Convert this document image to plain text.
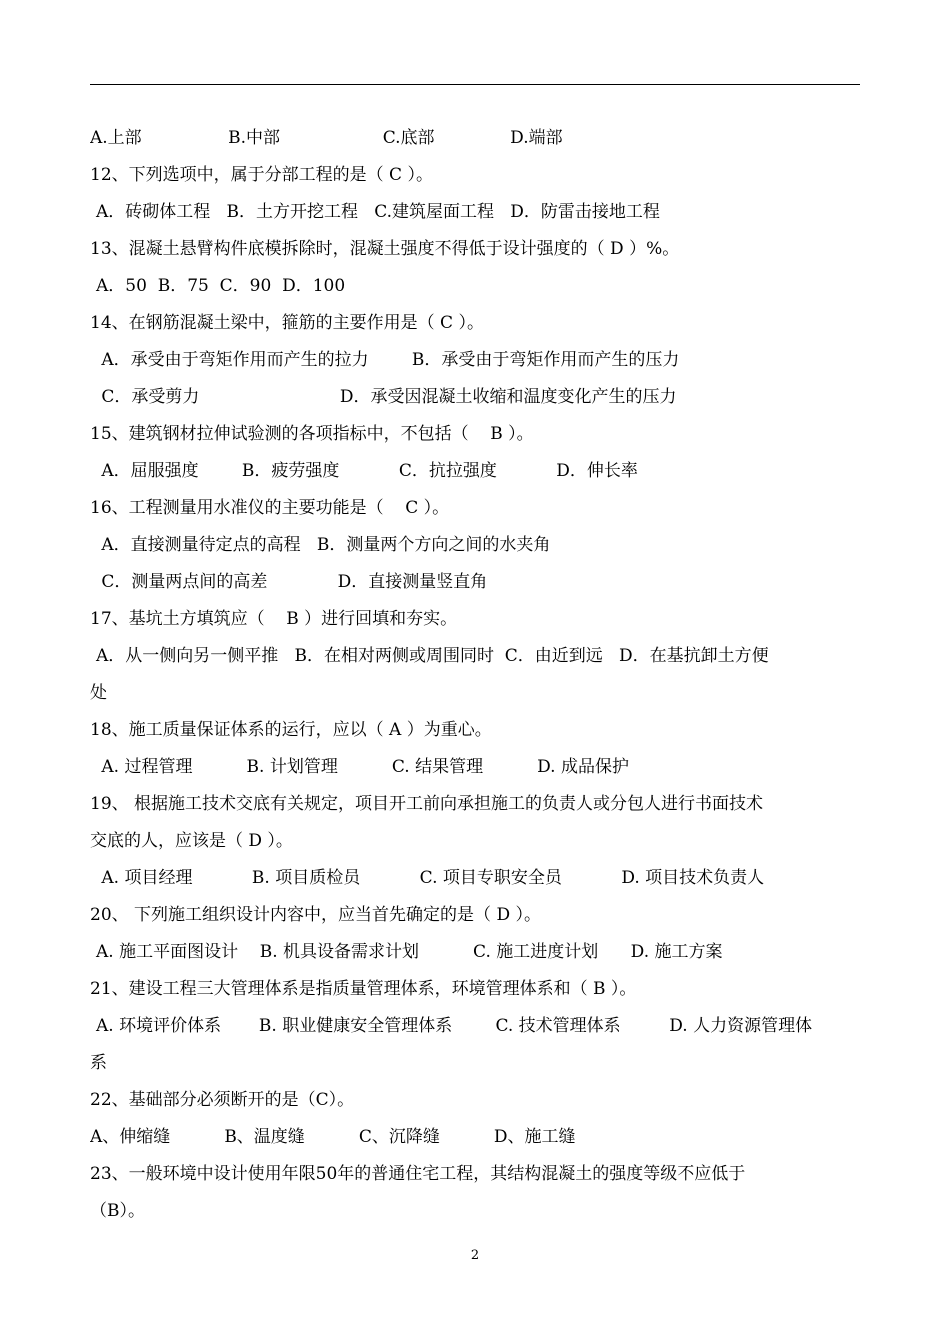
A.上部                B.中部                   C.底部              D.端部
12、下列选项中，属于分部工程的是（ C ）。
A．砖砌体工程   B．土方开挖工程   C.建筑屋面工程   D．防雷击接地工程
13、混凝土悬臂构件底模拆除时，混凝土强度不得低于设计强度的（ D ）%。
A．50  B．75  C．90  D．100
14、在钢筋混凝土梁中，箍筋的主要作用是（ C ）。
A．承受由于弯矩作用而产生的拉力        B．承受由于弯矩作用而产生的压力
C．承受剪力                          D．承受因混凝土收缩和温度变化产生的压力
15、建筑钢材拉伸试验测的各项指标中，不包括（    B ）。
A．屈服强度        B．疲劳强度           C．抗拉强度           D．伸长率
16、工程测量用水准仪的主要功能是（    C ）。
A．直接测量待定点的高程   B．测量两个方向之间的水夹角
C．测量两点间的高差             D．直接测量竖直角
17、基坑土方填筑应（    B ）进行回填和夯实。
A．从一侧向另一侧平推   B．在相对两侧或周围同时  C．由近到远   D．在基抗卸土方便
处
18、施工质量保证体系的运行，应以（ A ）为重心。
A. 过程管理          B. 计划管理          C. 结果管理          D. 成品保护
19、 根据施工技术交底有关规定，项目开工前向承担施工的负责人或分包人进行书面技术
交底的人，应该是（ D ）。
A. 项目经理           B. 项目质检员           C. 项目专职安全员           D. 项目技术负责人
20、 下列施工组织设计内容中，应当首先确定的是（ D ）。
A. 施工平面图设计    B. 机具设备需求计划          C. 施工进度计划      D. 施工方案
21、建设工程三大管理体系是指质量管理体系，环境管理体系和（ B ）。
A. 环境评价体系       B. 职业健康安全管理体系        C. 技术管理体系         D. 人力资源管理体
系
22、基础部分必须断开的是（C）。
A、伸缩缝          B、温度缝          C、沉降缝          D、施工缝
23、一般环境中设计使用年限50年的普通住宅工程，其结构混凝土的强度等级不应低于
（B）。
2
